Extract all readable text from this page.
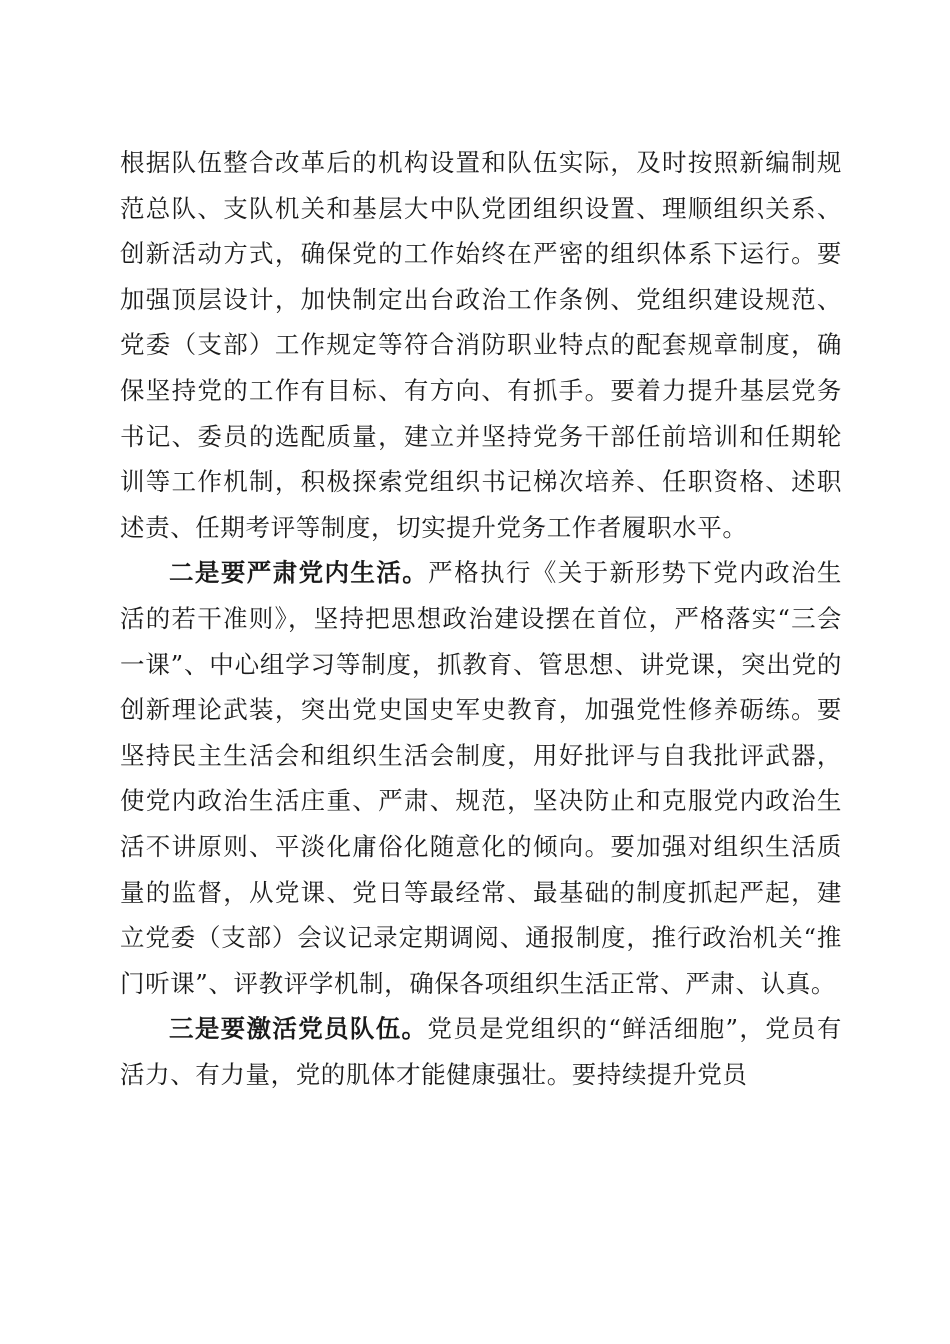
根据队伍整合改革后的机构设置和队伍实际，及时按照新编制规范总队、支队机关和基层大中队党团组织设置、理顺组织关系、创新活动方式，确保党的工作始终在严密的组织体系下运行。要加强顶层设计，加快制定出台政治工作条例、党组织建设规范、党委（支部）工作规定等符合消防职业特点的配套规章制度，确保坚持党的工作有目标、有方向、有抓手。要着力提升基层党务书记、委员的选配质量，建立并坚持党务干部任前培训和任期轮训等工作机制，积极探索党组织书记梯次培养、任职资格、述职述责、任期考评等制度，切实提升党务工作者履职水平。

二是要严肃党内生活。严格执行《关于新形势下党内政治生活的若干准则》，坚持把思想政治建设摆在首位，严格落实“三会一课”、中心组学习等制度，抓教育、管思想、讲党课，突出党的创新理论武装，突出党史国史军史教育，加强党性修养砺练。要坚持民主生活会和组织生活会制度，用好批评与自我批评武器，使党内政治生活庄重、严肃、规范，坚决防止和克服党内政治生活不讲原则、平淡化庸俗化随意化的倾向。要加强对组织生活质量的监督，从党课、党日等最经常、最基础的制度抓起严起，建立党委（支部）会议记录定期调阅、通报制度，推行政治机关“推门听课”、评教评学机制，确保各项组织生活正常、严肃、认真。

三是要激活党员队伍。党员是党组织的“鲜活细胞”，党员有活力、有力量，党的肌体才能健康强壮。要持续提升党员
